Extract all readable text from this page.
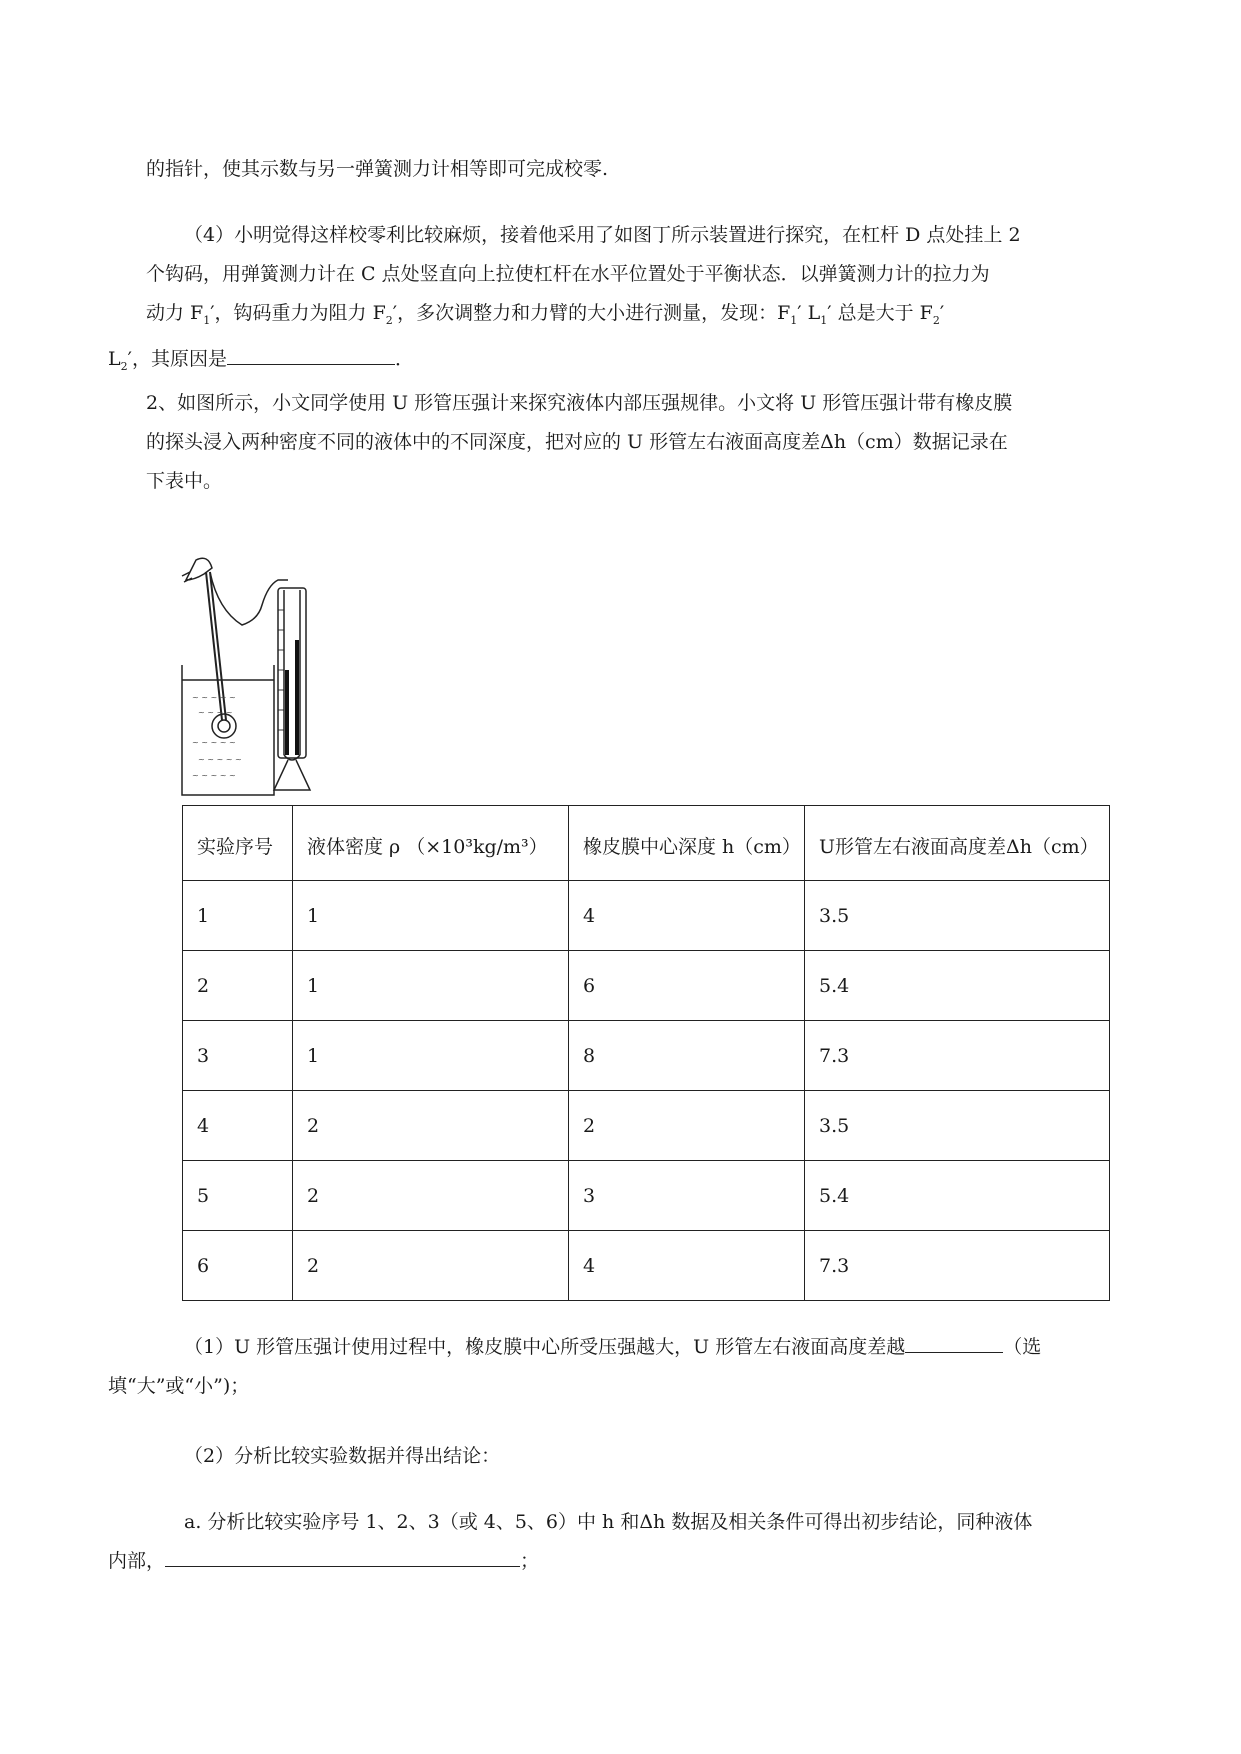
的指针，使其示数与另一弹簧测力计相等即可完成校零.

（4）小明觉得这样校零利比较麻烦，接着他采用了如图丁所示装置进行探究，在杠杆 D 点处挂上 2
个钩码，用弹簧测力计在 C 点处竖直向上拉使杠杆在水平位置处于平衡状态．以弹簧测力计的拉力为
动力 $F_1'$，钩码重力为阻力 $F_2'$，多次调整力和力臂的大小进行测量，发现：$F_1'$ $L_1'$ 总是大于 $F_2'$
$L_2'$，其原因是	．
2、如图所示，小文同学使用 U 形管压强计来探究液体内部压强规律。小文将 U 形管压强计带有橡皮膜
的探头浸入两种密度不同的液体中的不同深度，把对应的 U 形管左右液面高度差Δh（cm）数据记录在
下表中。
~ ~ ~ ~ ~
~ ~ ~ ~
~ ~ ~ ~ ~
~ ~ ~ ~ ~
~ ~ ~ ~ ~
实验序号	液体密度 ρ （×10³kg/m³）	橡皮膜中心深度 h（cm）	U形管左右液面高度差Δh（cm）
1	1	4	3.5
2	1	6	5.4
3	1	8	7.3
4	2	2	3.5
5	2	3	5.4
6	2	4	7.3
（1）U 形管压强计使用过程中，橡皮膜中心所受压强越大，U 形管左右液面高度差越	（选
填“大”或“小”)；

（2）分析比较实验数据并得出结论：

a. 分析比较实验序号 1、2、3（或 4、5、6）中 h 和Δh 数据及相关条件可得出初步结论，同种液体
内部，	；
